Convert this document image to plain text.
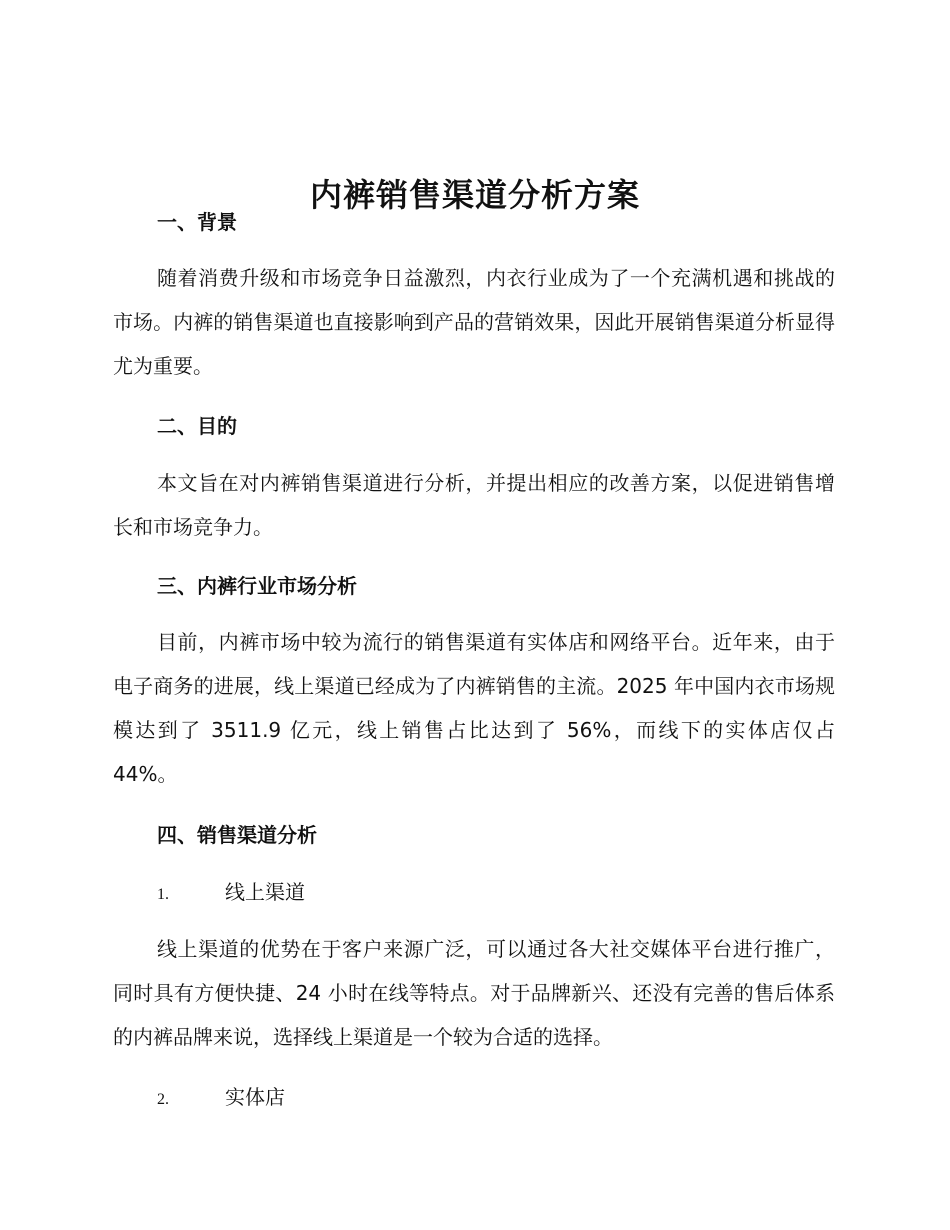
内裤销售渠道分析方案
一、背景

随着消费升级和市场竞争日益激烈，内衣行业成为了一个充满机遇和挑战的市场。内裤的销售渠道也直接影响到产品的营销效果，因此开展销售渠道分析显得尤为重要。

二、目的

本文旨在对内裤销售渠道进行分析，并提出相应的改善方案，以促进销售增长和市场竞争力。

三、内裤行业市场分析

目前，内裤市场中较为流行的销售渠道有实体店和网络平台。近年来，由于电子商务的进展，线上渠道已经成为了内裤销售的主流。2025 年中国内衣市场规模达到了 3511.9 亿元，线上销售占比达到了 56%，而线下的实体店仅占 44%。

四、销售渠道分析

1.	线上渠道

线上渠道的优势在于客户来源广泛，可以通过各大社交媒体平台进行推广，同时具有方便快捷、24 小时在线等特点。对于品牌新兴、还没有完善的售后体系的内裤品牌来说，选择线上渠道是一个较为合适的选择。

2.	实体店
